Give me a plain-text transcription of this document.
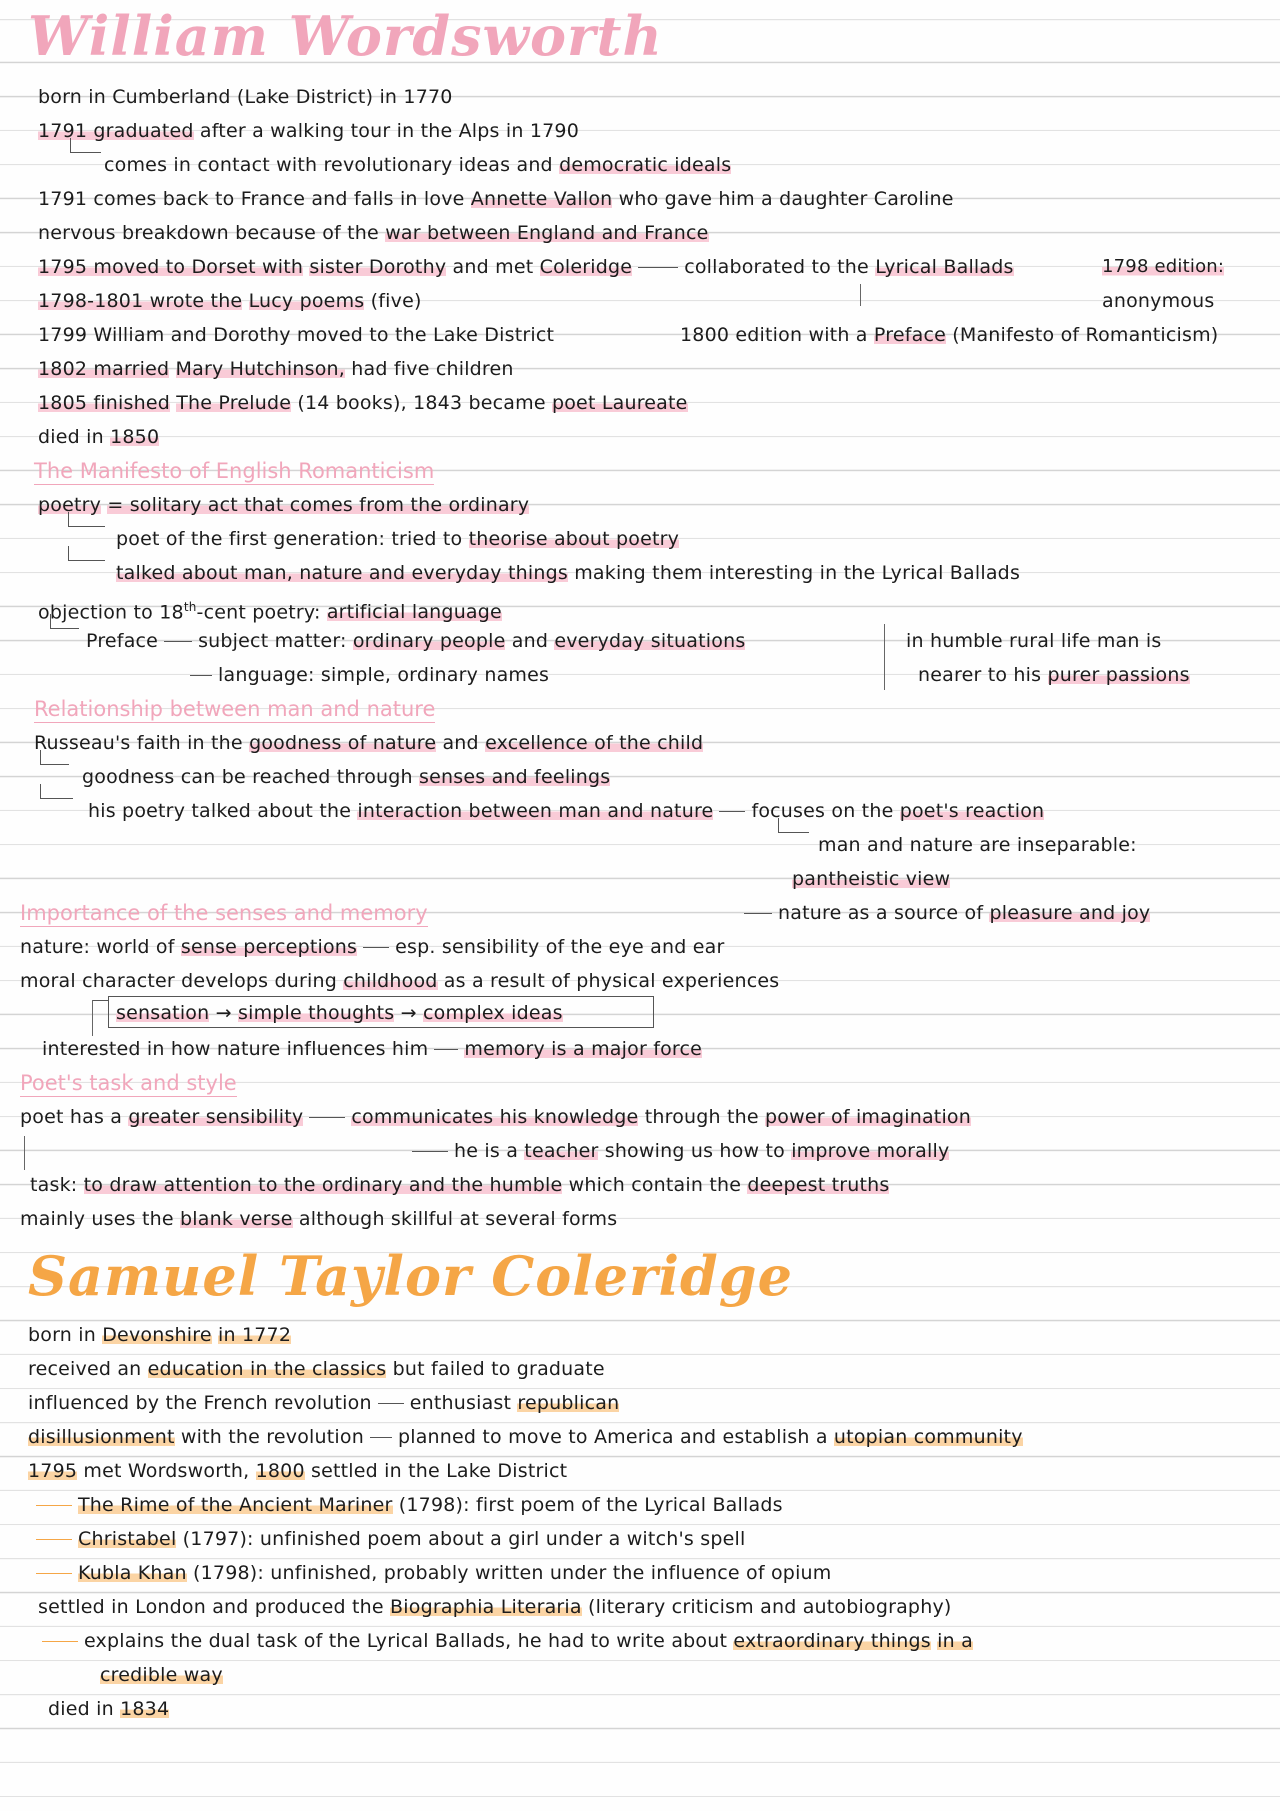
William Wordsworth
born in Cumberland (Lake District) in 1770
1791 graduated after a walking tour in the Alps in 1790
comes in contact with revolutionary ideas and democratic ideals
1791 comes back to France and falls in love Annette Vallon who gave him a daughter Caroline
nervous breakdown because of the war between England and France
1795 moved to Dorset with sister Dorothy and met Coleridge	collaborated to the Lyrical Ballads	1798 edition:
1798-1801 wrote the Lucy poems (five)	anonymous
1799 William and Dorothy moved to the Lake District	1800 edition with a Preface (Manifesto of Romanticism)
1802 married Mary Hutchinson, had five children
1805 finished The Prelude (14 books), 1843 became poet Laureate
died in 1850
The Manifesto of English Romanticism
poetry = solitary act that comes from the ordinary
poet of the first generation: tried to theorise about poetry
talked about man, nature and everyday things making them interesting in the Lyrical Ballads
objection to 18th-cent poetry: artificial language
Preface subject matter: ordinary people and everyday situations	in humble rural life man is
language: simple, ordinary names	nearer to his purer passions
Relationship between man and nature
Russeau's faith in the goodness of nature and excellence of the child
goodness can be reached through senses and feelings
his poetry talked about the interaction between man and nature focuses on the poet's reaction
man and nature are inseparable:
pantheistic view
Importance of the senses and memory	nature as a source of pleasure and joy
nature: world of sense perceptions esp. sensibility of the eye and ear
moral character develops during childhood as a result of physical experiences
sensation → simple thoughts → complex ideas
interested in how nature influences him memory is a major force
Poet's task and style
poet has a greater sensibility	communicates his knowledge through the power of imagination
he is a teacher showing us how to improve morally
task: to draw attention to the ordinary and the humble which contain the deepest truths
mainly uses the blank verse although skillful at several forms
Samuel Taylor Coleridge
born in Devonshire in 1772
received an education in the classics but failed to graduate
influenced by the French revolution enthusiast republican
disillusionment with the revolution planned to move to America and establish a utopian community
1795 met Wordsworth, 1800 settled in the Lake District
The Rime of the Ancient Mariner (1798): first poem of the Lyrical Ballads
Christabel (1797): unfinished poem about a girl under a witch's spell
Kubla Khan (1798): unfinished, probably written under the influence of opium
settled in London and produced the Biographia Literaria (literary criticism and autobiography)
explains the dual task of the Lyrical Ballads, he had to write about extraordinary things in a
credible way
died in 1834
